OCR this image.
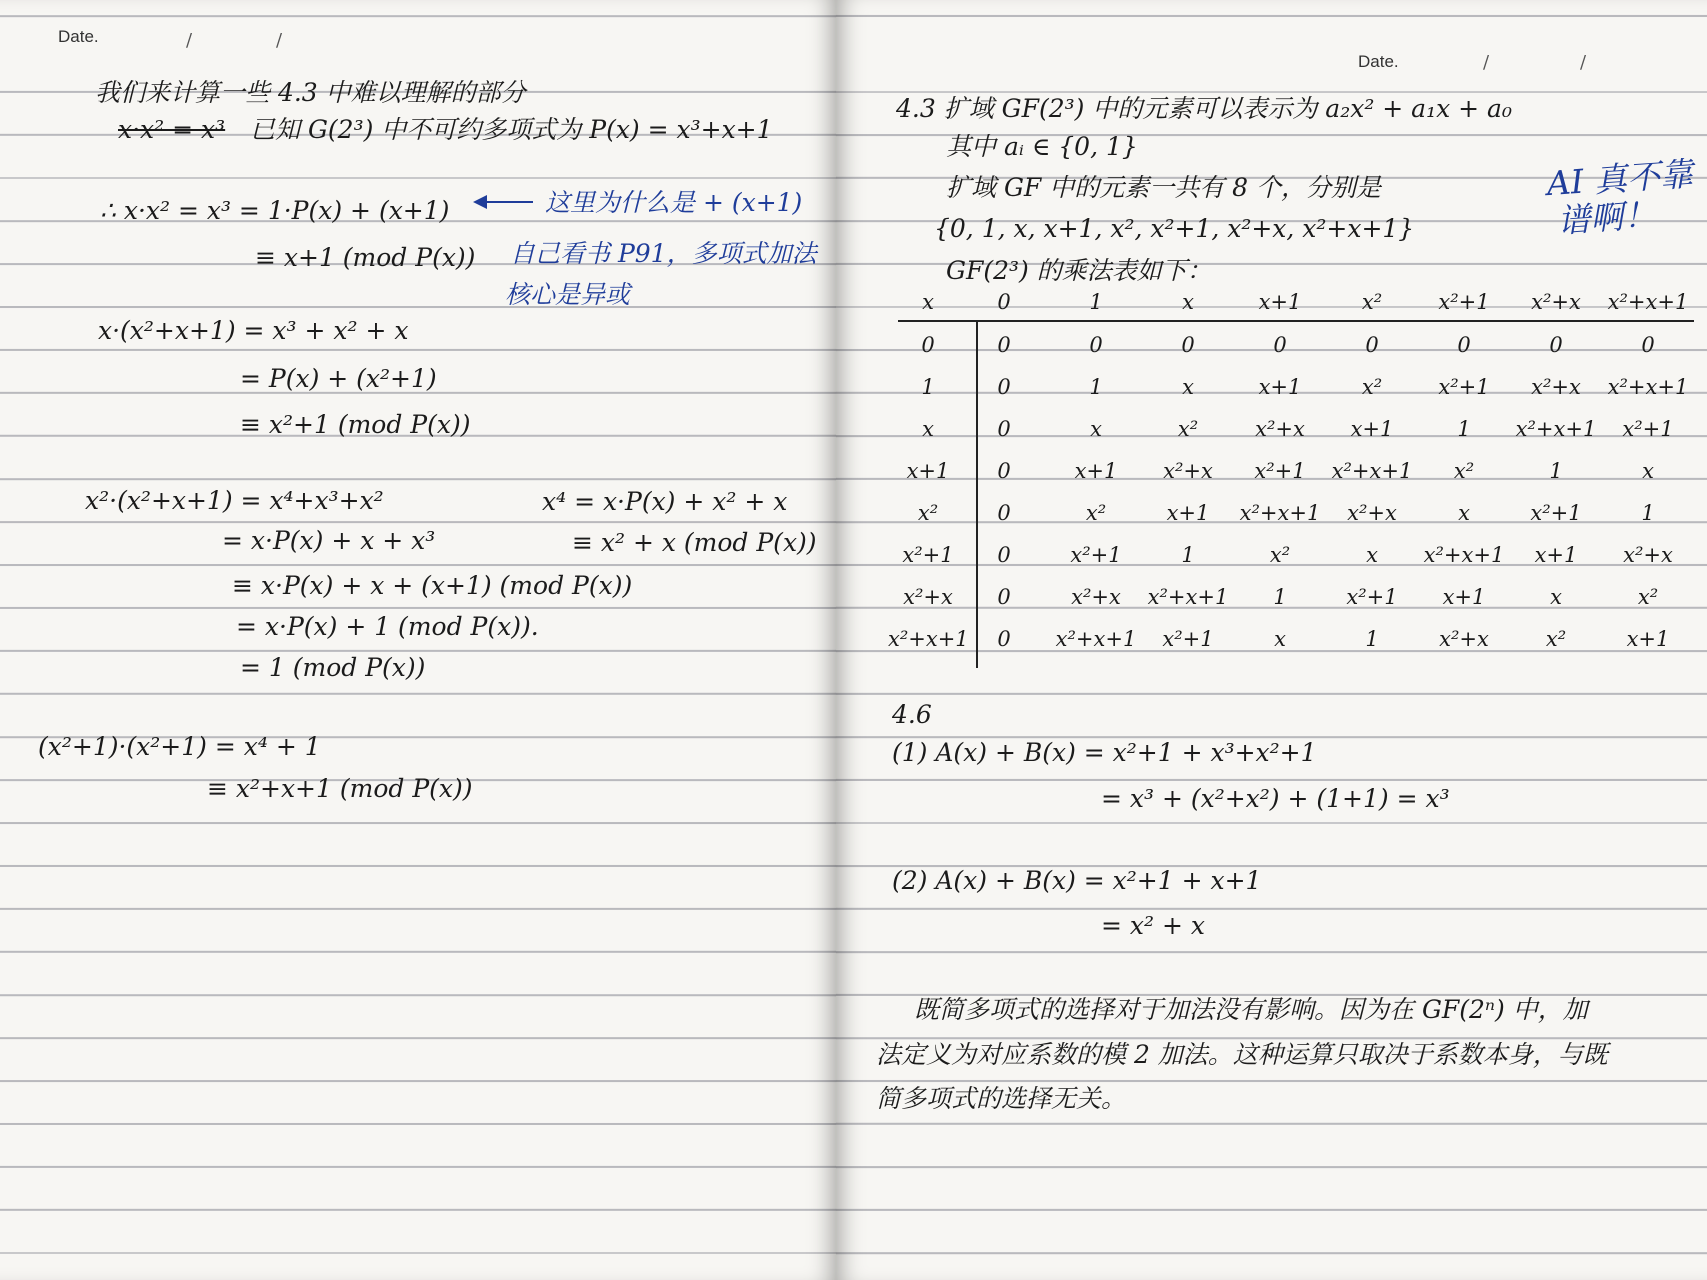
Date.	/	/
我们来计算一些 4.3 中难以理解的部分
已知 G(2³) 中不可约多项式为 P(x) = x³+x+1
∴ x·x² = x³ = 1·P(x) + (x+1)
≡ x+1 (mod P(x))
x·(x²+x+1) = x³ + x² + x
= P(x) + (x²+1)
≡ x²+1 (mod P(x))
x²·(x²+x+1) = x⁴+x³+x²
= x·P(x) + x + x³
≡ x·P(x) + x + (x+1) (mod P(x))
= x·P(x) + 1 (mod P(x)).
= 1 (mod P(x))
x⁴ = x·P(x) + x² + x
≡ x² + x (mod P(x))
(x²+1)·(x²+1) = x⁴ + 1
≡ x²+x+1 (mod P(x))
x·x² = x³
这里为什么是 + (x+1)
自己看书 P91，多项式加法
核心是异或
Date.	/	/
4.3 扩域 GF(2³) 中的元素可以表示为 a₂x² + a₁x + a₀
其中 aᵢ ∈ {0, 1}
扩域 GF 中的元素一共有 8 个，分别是
{0, 1, x, x+1, x², x²+1, x²+x, x²+x+1}
GF(2³) 的乘法表如下：
4.6
(1) A(x) + B(x) = x²+1 + x³+x²+1
= x³ + (x²+x²) + (1+1) = x³
(2) A(x) + B(x) = x²+1 + x+1
= x² + x
既简多项式的选择对于加法没有影响。因为在 GF(2ⁿ) 中，加
法定义为对应系数的模 2 加法。这种运算只取决于系数本身，与既
简多项式的选择无关。
AI 真不靠
谱啊！
x	0	1	x	x+1	x²	x²+1	x²+x	x²+x+1
0	0	0	0	0	0	0	0	0
1	0	1	x	x+1	x²	x²+1	x²+x	x²+x+1
x	0	x	x²	x²+x	x+1	1	x²+x+1	x²+1
x+1	0	x+1	x²+x	x²+1	x²+x+1	x²	1	x
x²	0	x²	x+1	x²+x+1	x²+x	x	x²+1	1
x²+1	0	x²+1	1	x²	x	x²+x+1	x+1	x²+x
x²+x	0	x²+x	x²+x+1	1	x²+1	x+1	x	x²
x²+x+1	0	x²+x+1	x²+1	x	1	x²+x	x²	x+1
